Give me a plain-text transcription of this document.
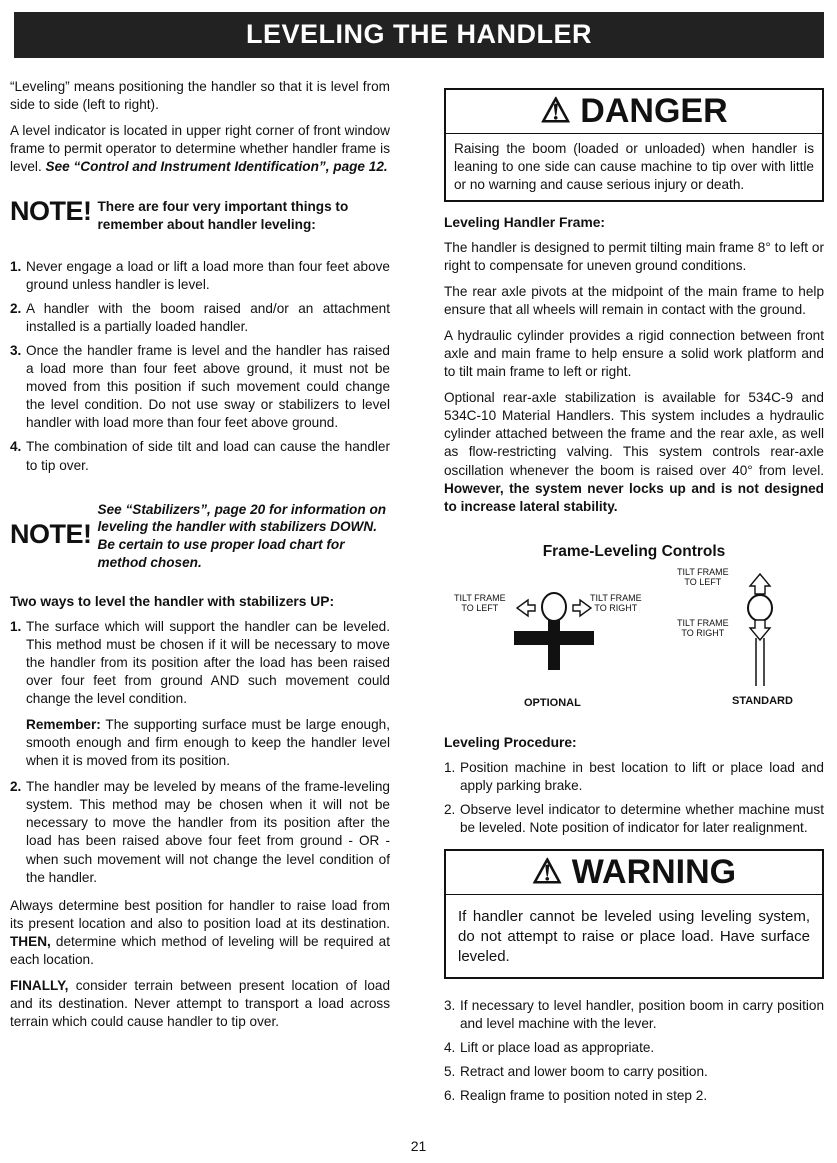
LEVELING THE HANDLER

“Leveling” means positioning the handler so that it is level from side to side (left to right).

A level indicator is located in upper right corner of front window frame to permit operator to determine whether handler frame is level. See “Control and Instrument Identification”, page 12.

NOTE! There are four very important things to remember about handler leveling:
1. Never engage a load or lift a load more than four feet above ground unless handler is level.
2. A handler with the boom raised and/or an attachment installed is a partially loaded handler.
3. Once the handler frame is level and the handler has raised a load more than four feet above ground, it must not be moved from this position if such movement could change the level condition. Do not use sway or stabilizers to level handler with load more than four feet above ground.
4. The combination of side tilt and load can cause the handler to tip over.
NOTE!
See “Stabilizers”, page 20 for information on leveling the handler with stabilizers DOWN. Be certain to use proper load chart for method chosen.
Two ways to level the handler with stabilizers UP:
1. The surface which will support the handler can be leveled. This method must be chosen if it will be necessary to move the handler from its position after the load has been raised over four feet from ground AND such movement could change the level condition.

Remember: The supporting surface must be large enough, smooth enough and firm enough to keep the handler level when it is moved from its position.

2. The handler may be leveled by means of the frame-leveling system. This method may be chosen when it will not be necessary to move the handler from its position after the load has been raised above four feet from ground - OR - when such movement will not change the level condition of the handler.

Always determine best position for handler to raise load from its present location and also to position load at its destination. THEN, determine which method of leveling will be required at each location.

FINALLY, consider terrain between present location of load and its destination. Never attempt to transport a load across terrain which could cause handler to tip over.

⚠ DANGER
Raising the boom (loaded or unloaded) when handler is leaning to one side can cause machine to tip over with little or no warning and cause serious injury or death.
Leveling Handler Frame:

The handler is designed to permit tilting main frame 8° to left or right to compensate for uneven ground conditions.

The rear axle pivots at the midpoint of the main frame to help ensure that all wheels will remain in contact with the ground.

A hydraulic cylinder provides a rigid connection between front axle and main frame to help ensure a solid work platform and to tilt main frame to left or right.

Optional rear-axle stabilization is available for 534C-9 and 534C-10 Material Handlers. This system includes a hydraulic cylinder attached between the frame and the rear axle, as well as flow-restricting valving. This system controls rear-axle oscillation whenever the boom is raised over 40° from level. However, the system never locks up and is not designed to increase lateral stability.

Frame-Leveling Controls
TILT FRAME
TO LEFT
TILT FRAME
TO RIGHT
TILT FRAME
TO LEFT
TILT FRAME
TO RIGHT
OPTIONAL	STANDARD
Leveling Procedure:
1. Position machine in best location to lift or place load and apply parking brake.
2. Observe level indicator to determine whether machine must be leveled. Note position of indicator for later realignment.
⚠ WARNING
If handler cannot be leveled using leveling system, do not attempt to raise or place load. Have surface leveled.
3. If necessary to level handler, position boom in carry position and level machine with the lever.
4. Lift or place load as appropriate.
5. Retract and lower boom to carry position.
6. Realign frame to position noted in step 2.
21
